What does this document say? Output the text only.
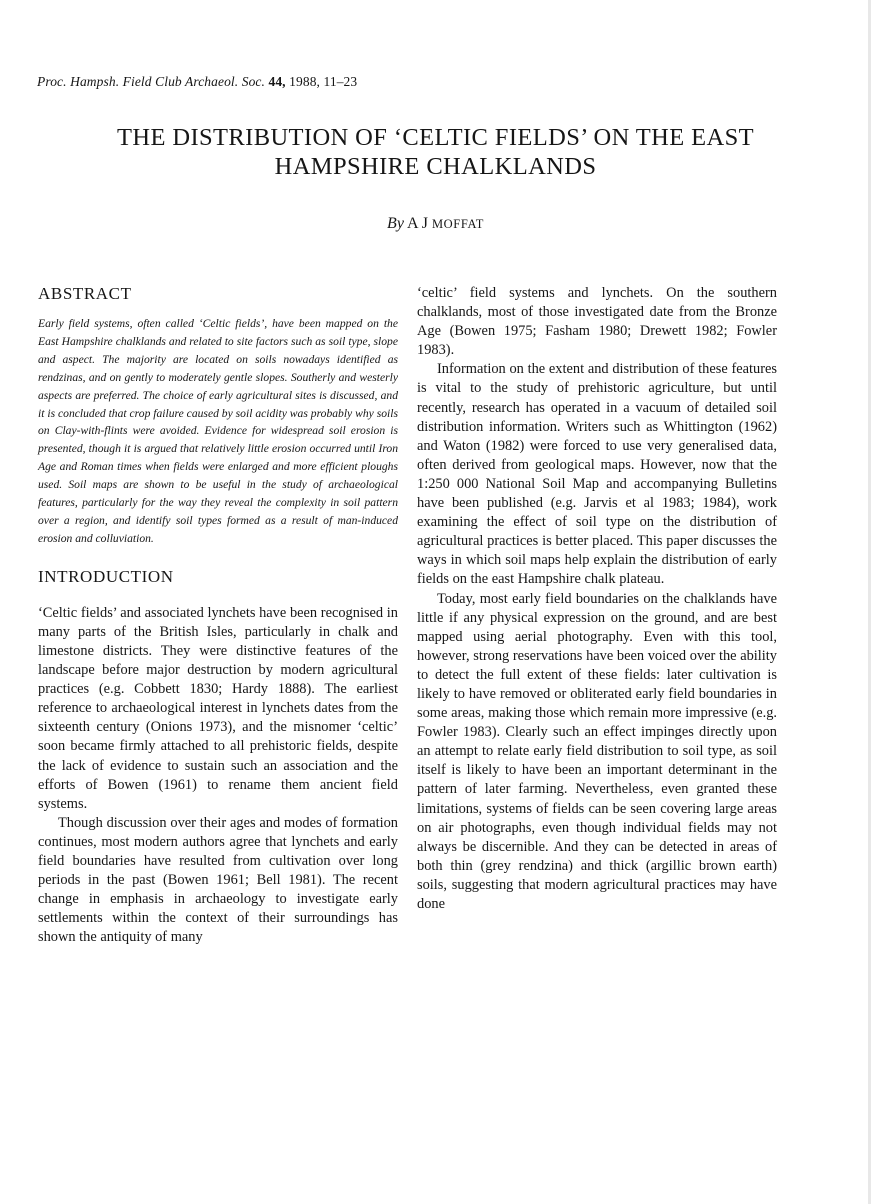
Proc. Hampsh. Field Club Archaeol. Soc. 44, 1988, 11–23
THE DISTRIBUTION OF ‘CELTIC FIELDS’ ON THE EAST
HAMPSHIRE CHALKLANDS
By A J MOFFAT
ABSTRACT

Early field systems, often called ‘Celtic fields’, have been mapped on the East Hampshire chalklands and related to site factors such as soil type, slope and aspect. The majority are located on soils nowadays identified as rendzinas, and on gently to moderately gentle slopes. Southerly and westerly aspects are preferred. The choice of early agricultural sites is discussed, and it is concluded that crop failure caused by soil acidity was probably why soils on Clay-with-flints were avoided. Evidence for widespread soil erosion is presented, though it is argued that relatively little erosion occurred until Iron Age and Roman times when fields were enlarged and more efficient ploughs used. Soil maps are shown to be useful in the study of archaeological features, particularly for the way they reveal the complexity in soil pattern over a region, and identify soil types formed as a result of man-induced erosion and colluviation.

INTRODUCTION

‘Celtic fields’ and associated lynchets have been recognised in many parts of the British Isles, particularly in chalk and limestone districts. They were distinctive features of the landscape before major destruction by modern agricultural practices (e.g. Cobbett 1830; Hardy 1888). The earliest reference to archaeological interest in lynchets dates from the sixteenth century (Onions 1973), and the misnomer ‘celtic’ soon became firmly attached to all prehistoric fields, despite the lack of evidence to sustain such an association and the efforts of Bowen (1961) to rename them ancient field systems.

Though discussion over their ages and modes of formation continues, most modern authors agree that lynchets and early field boundaries have resulted from cultivation over long periods in the past (Bowen 1961; Bell 1981). The recent change in emphasis in archaeology to investigate early settlements within the context of their surroundings has shown the antiquity of many

‘celtic’ field systems and lynchets. On the southern chalklands, most of those investigated date from the Bronze Age (Bowen 1975; Fasham 1980; Drewett 1982; Fowler 1983).

Information on the extent and distribution of these features is vital to the study of prehistoric agriculture, but until recently, research has operated in a vacuum of detailed soil distribution information. Writers such as Whittington (1962) and Waton (1982) were forced to use very generalised data, often derived from geological maps. However, now that the 1:250 000 National Soil Map and accompanying Bulletins have been published (e.g. Jarvis et al 1983; 1984), work examining the effect of soil type on the distribution of agricultural practices is better placed. This paper discusses the ways in which soil maps help explain the distribution of early fields on the east Hampshire chalk plateau.

Today, most early field boundaries on the chalklands have little if any physical expression on the ground, and are best mapped using aerial photography. Even with this tool, however, strong reservations have been voiced over the ability to detect the full extent of these fields: later cultivation is likely to have removed or obliterated early field boundaries in some areas, making those which remain more impressive (e.g. Fowler 1983). Clearly such an effect impinges directly upon an attempt to relate early field distribution to soil type, as soil itself is likely to have been an important determinant in the pattern of later farming. Nevertheless, even granted these limitations, systems of fields can be seen covering large areas on air photographs, even though individual fields may not always be discernible. And they can be detected in areas of both thin (grey rendzina) and thick (argillic brown earth) soils, suggesting that modern agricultural practices may have done
